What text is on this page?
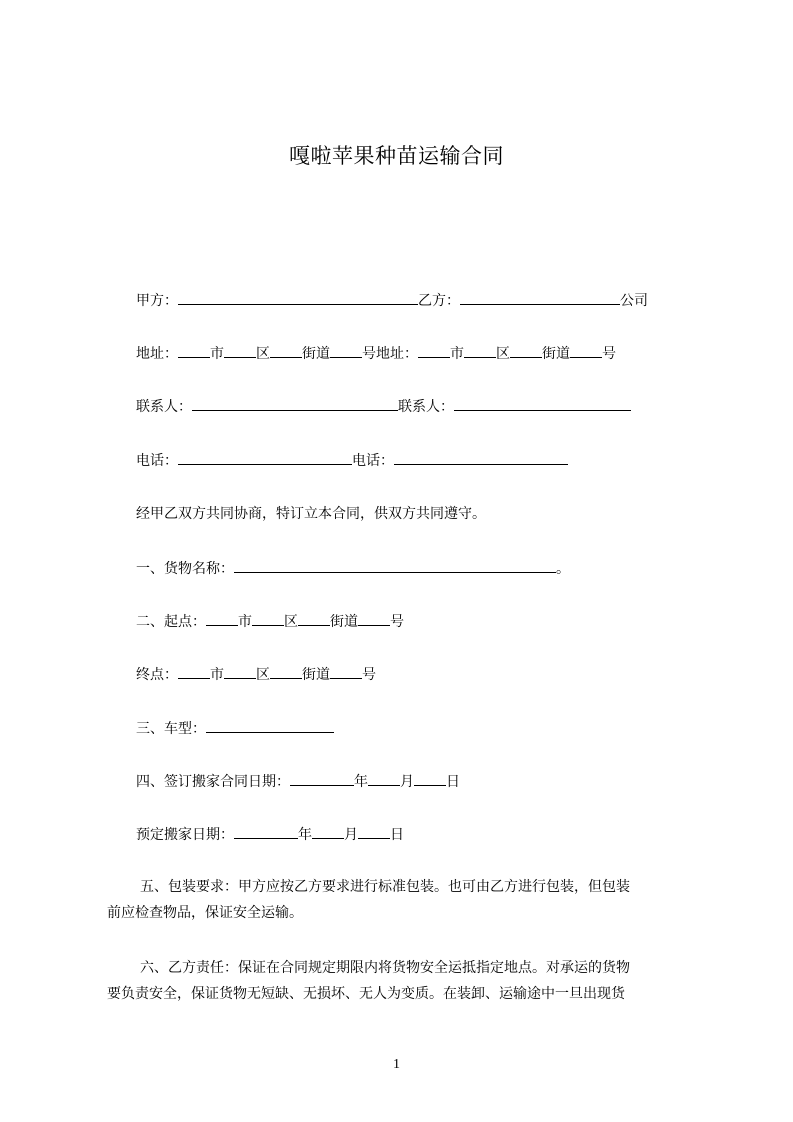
嘎啦苹果种苗运输合同
甲方：	乙方：	公司
地址： 市 区 街道 号地址： 市 区 街道 号
联系人：	联系人：
电话：	电话：
经甲乙双方共同协商，特订立本合同，供双方共同遵守。
一、货物名称：	。
二、起点： 市 区 街道 号
终点： 市 区 街道 号
三、车型：
四、签订搬家合同日期：	年 月 日
预定搬家日期：	年 月 日
五、包装要求：甲方应按乙方要求进行标准包装。也可由乙方进行包装，但包装
前应检查物品，保证安全运输。
六、乙方责任：保证在合同规定期限内将货物安全运抵指定地点。对承运的货物
要负责安全，保证货物无短缺、无损坏、无人为变质。在装卸、运输途中一旦出现货
1
